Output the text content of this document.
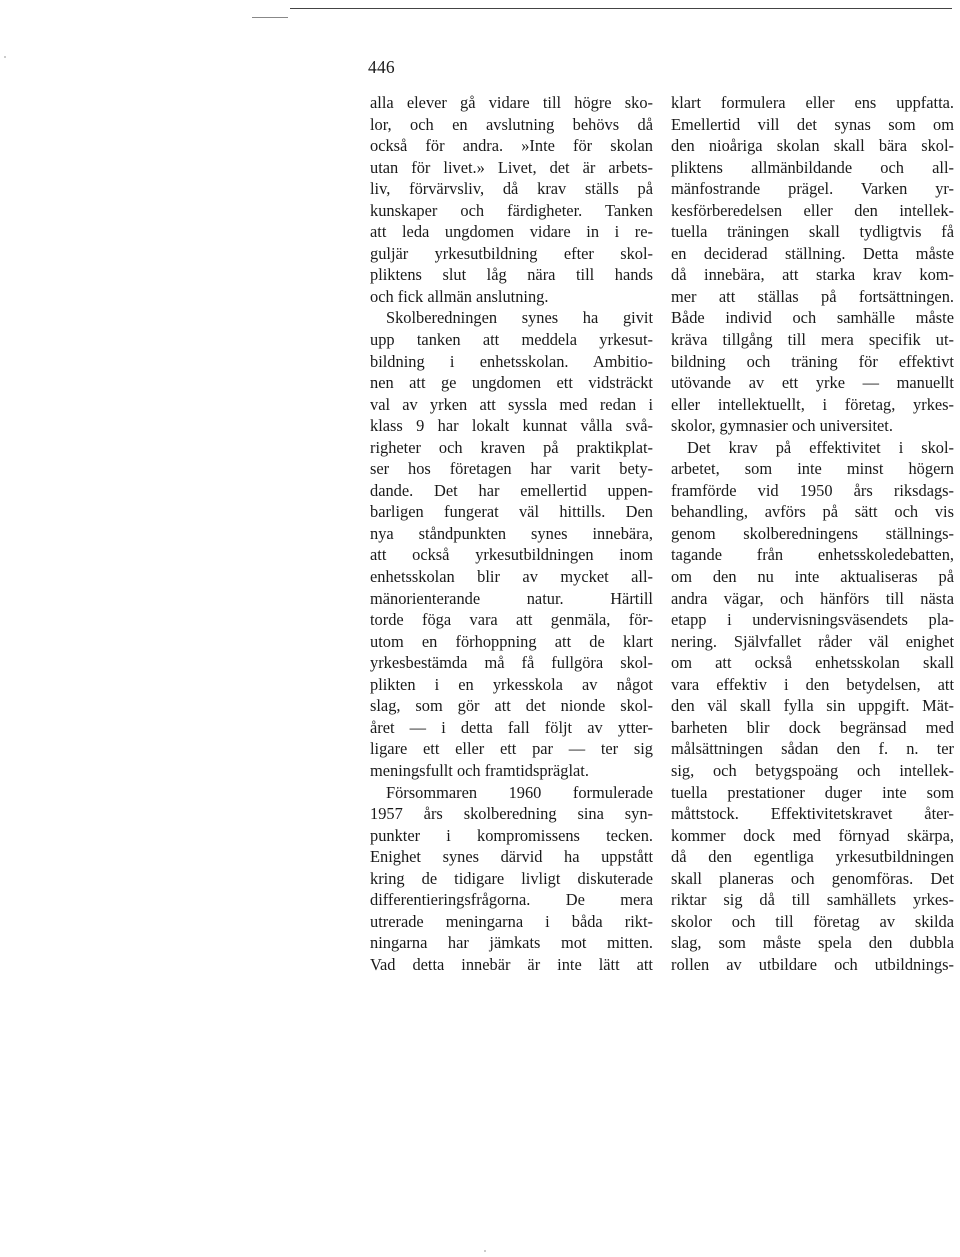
446
alla elever gå vidare till högre sko-
lor, och en avslutning behövs då
också för andra. »Inte för skolan
utan för livet.» Livet, det är arbets-
liv, förvärvsliv, då krav ställs på
kunskaper och färdigheter. Tanken
att leda ungdomen vidare in i re-
guljär yrkesutbildning efter skol-
pliktens slut låg nära till hands
och fick allmän anslutning.
Skolberedningen synes ha givit
upp tanken att meddela yrkesut-
bildning i enhetsskolan. Ambitio-
nen att ge ungdomen ett vidsträckt
val av yrken att syssla med redan i
klass 9 har lokalt kunnat vålla svå-
righeter och kraven på praktikplat-
ser hos företagen har varit bety-
dande. Det har emellertid uppen-
barligen fungerat väl hittills. Den
nya ståndpunkten synes innebära,
att också yrkesutbildningen inom
enhetsskolan blir av mycket all-
mänorienterande natur. Härtill
torde föga vara att genmäla, för-
utom en förhoppning att de klart
yrkesbestämda må få fullgöra skol-
plikten i en yrkesskola av något
slag, som gör att det nionde skol-
året — i detta fall följt av ytter-
ligare ett eller ett par — ter sig
meningsfullt och framtidspräglat.
Försommaren 1960 formulerade
1957 års skolberedning sina syn-
punkter i kompromissens tecken.
Enighet synes därvid ha uppstått
kring de tidigare livligt diskuterade
differentieringsfrågorna. De mera
utrerade meningarna i båda rikt-
ningarna har jämkats mot mitten.
Vad detta innebär är inte lätt att
klart formulera eller ens uppfatta.
Emellertid vill det synas som om
den nioåriga skolan skall bära skol-
pliktens allmänbildande och all-
mänfostrande prägel. Varken yr-
kesförberedelsen eller den intellek-
tuella träningen skall tydligtvis få
en deciderad ställning. Detta måste
då innebära, att starka krav kom-
mer att ställas på fortsättningen.
Både individ och samhälle måste
kräva tillgång till mera specifik ut-
bildning och träning för effektivt
utövande av ett yrke — manuellt
eller intellektuellt, i företag, yrkes-
skolor, gymnasier och universitet.
Det krav på effektivitet i skol-
arbetet, som inte minst högern
framförde vid 1950 års riksdags-
behandling, avförs på sätt och vis
genom skolberedningens ställnings-
tagande från enhetsskoledebatten,
om den nu inte aktualiseras på
andra vägar, och hänförs till nästa
etapp i undervisningsväsendets pla-
nering. Självfallet råder väl enighet
om att också enhetsskolan skall
vara effektiv i den betydelsen, att
den väl skall fylla sin uppgift. Mät-
barheten blir dock begränsad med
målsättningen sådan den f. n. ter
sig, och betygspoäng och intellek-
tuella prestationer duger inte som
måttstock. Effektivitetskravet åter-
kommer dock med förnyad skärpa,
då den egentliga yrkesutbildningen
skall planeras och genomföras. Det
riktar sig då till samhällets yrkes-
skolor och till företag av skilda
slag, som måste spela den dubbla
rollen av utbildare och utbildnings-
